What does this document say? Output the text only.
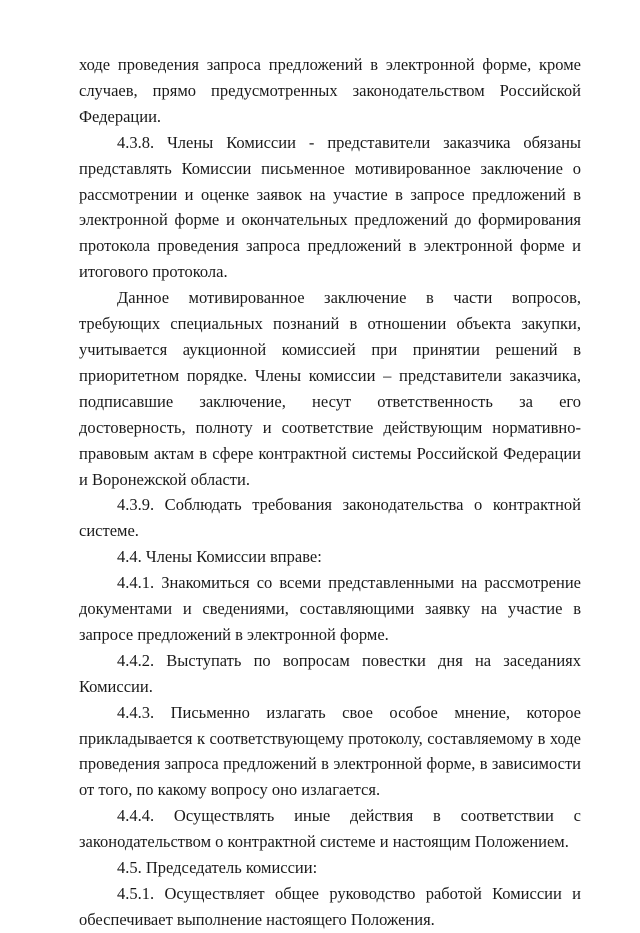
ходе проведения запроса предложений в электронной форме, кроме случаев, прямо предусмотренных законодательством Российской Федерации.

4.3.8. Члены Комиссии - представители заказчика обязаны представлять Комиссии письменное мотивированное заключение о рассмотрении и оценке заявок на участие в запросе предложений в электронной форме и окончательных предложений до формирования протокола проведения запроса предложений в электронной форме и итогового протокола.

Данное мотивированное заключение в части вопросов, требующих специальных познаний в отношении объекта закупки, учитывается аукционной комиссией при принятии решений в приоритетном порядке. Члены комиссии – представители заказчика, подписавшие заключение, несут ответственность за его достоверность, полноту и соответствие действующим нормативно-правовым актам в сфере контрактной системы Российской Федерации и Воронежской области.

4.3.9. Соблюдать требования законодательства о контрактной системе.

4.4. Члены Комиссии вправе:

4.4.1. Знакомиться со всеми представленными на рассмотрение документами и сведениями, составляющими заявку на участие в запросе предложений в электронной форме.

4.4.2. Выступать по вопросам повестки дня на заседаниях Комиссии.

4.4.3. Письменно излагать свое особое мнение, которое прикладывается к соответствующему протоколу, составляемому в ходе проведения запроса предложений в электронной форме, в зависимости от того, по какому вопросу оно излагается.

4.4.4. Осуществлять иные действия в соответствии с законодательством о контрактной системе и настоящим Положением.

4.5. Председатель комиссии:

4.5.1. Осуществляет общее руководство работой Комиссии и обеспечивает выполнение настоящего Положения.
